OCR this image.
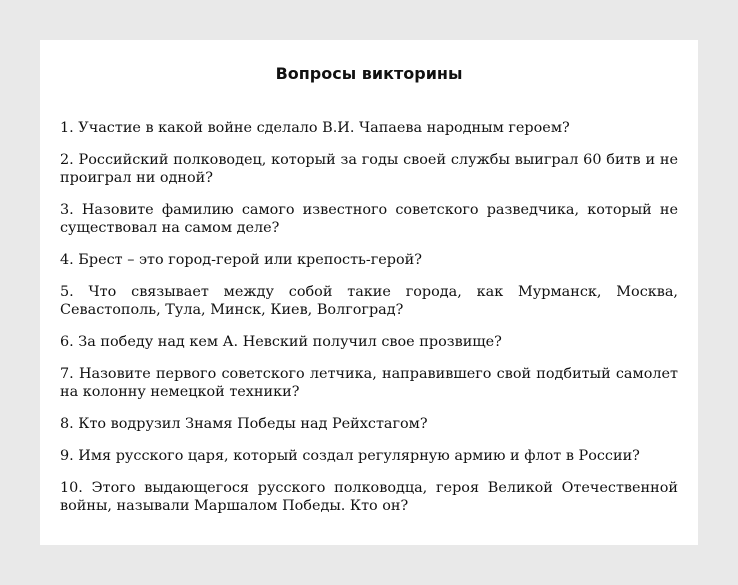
Вопросы викторины
1. Участие в какой войне сделало В.И. Чапаева народным героем?
2. Российский полководец, который за годы своей службы выиграл 60 битв и не проиграл ни одной?
3. Назовите фамилию самого известного советского разведчика, который не существовал на самом деле?
4. Брест – это город-герой или крепость-герой?
5. Что связывает между собой такие города, как Мурманск, Москва, Севастополь, Тула, Минск, Киев, Волгоград?
6. За победу над кем А. Невский получил свое прозвище?
7. Назовите первого советского летчика, направившего свой подбитый самолет на колонну немецкой техники?
8. Кто водрузил Знамя Победы над Рейхстагом?
9. Имя русского царя, который создал регулярную армию и флот в России?
10. Этого выдающегося русского полководца, героя Великой Отечественной войны, называли Маршалом Победы. Кто он?
